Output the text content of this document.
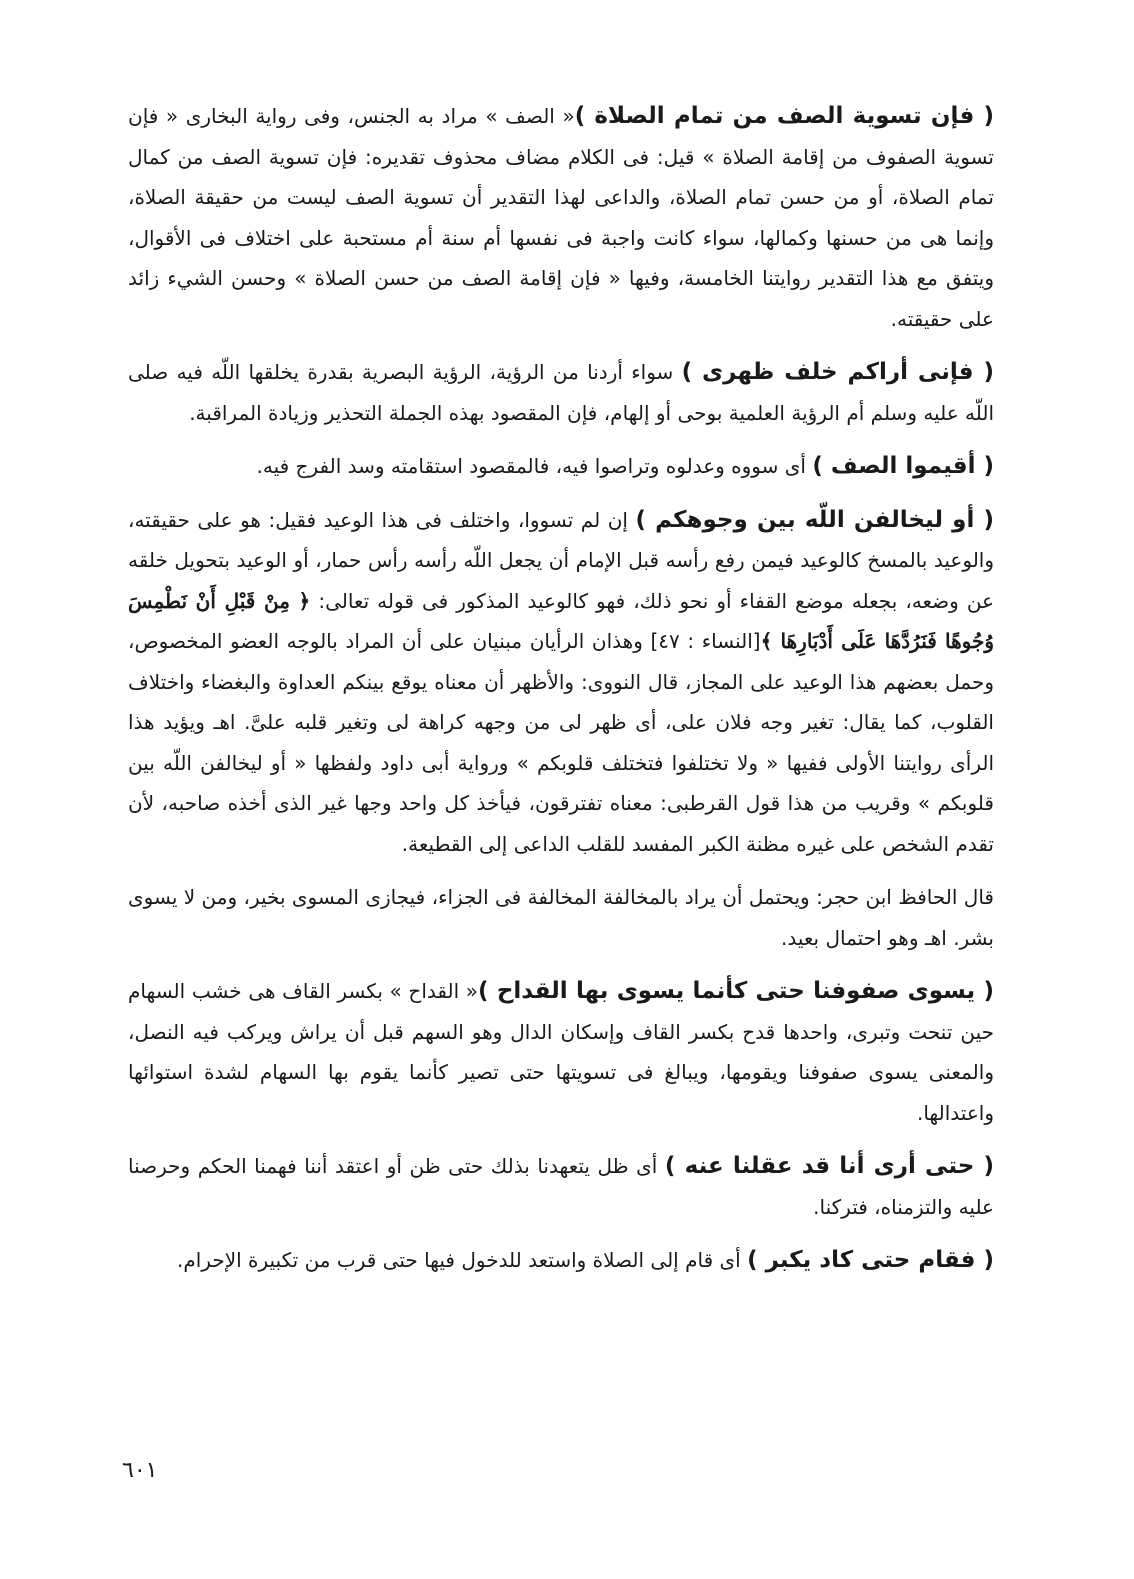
( فإن تسوية الصف من تمام الصلاة )« الصف » مراد به الجنس، وفى رواية البخارى « فإن تسوية الصفوف من إقامة الصلاة » قيل: فى الكلام مضاف محذوف تقديره: فإن تسوية الصف من كمال تمام الصلاة، أو من حسن تمام الصلاة، والداعى لهذا التقدير أن تسوية الصف ليست من حقيقة الصلاة، وإنما هى من حسنها وكمالها، سواء كانت واجبة فى نفسها أم سنة أم مستحبة على اختلاف فى الأقوال، ويتفق مع هذا التقدير روايتنا الخامسة، وفيها « فإن إقامة الصف من حسن الصلاة » وحسن الشيء زائد على حقيقته.

( فإنى أراكم خلف ظهرى ) سواء أردنا من الرؤية، الرؤية البصرية بقدرة يخلقها اللّه فيه صلى اللّه عليه وسلم أم الرؤية العلمية بوحى أو إلهام، فإن المقصود بهذه الجملة التحذير وزيادة المراقبة.

( أقيموا الصف ) أى سووه وعدلوه وتراصوا فيه، فالمقصود استقامته وسد الفرج فيه.

( أو ليخالفن اللّه بين وجوهكم ) إن لم تسووا، واختلف فى هذا الوعيد فقيل: هو على حقيقته، والوعيد بالمسخ كالوعيد فيمن رفع رأسه قبل الإمام أن يجعل اللّه رأسه رأس حمار، أو الوعيد بتحويل خلقه عن وضعه، بجعله موضع القفاء أو نحو ذلك، فهو كالوعيد المذكور فى قوله تعالى: ﴿ مِنْ قَبْلِ أَنْ نَطْمِسَ وُجُوهًا فَنَرُدَّهَا عَلَى أَدْبَارِهَا ﴾[النساء : ٤٧] وهذان الرأيان مبنيان على أن المراد بالوجه العضو المخصوص، وحمل بعضهم هذا الوعيد على المجاز، قال النووى: والأظهر أن معناه يوقع بينكم العداوة والبغضاء واختلاف القلوب، كما يقال: تغير وجه فلان على، أى ظهر لى من وجهه كراهة لى وتغير قلبه علىَّ. اهـ ويؤيد هذا الرأى روايتنا الأولى ففيها « ولا تختلفوا فتختلف قلوبكم » ورواية أبى داود ولفظها « أو ليخالفن اللّه بين قلوبكم » وقريب من هذا قول القرطبى: معناه تفترقون، فيأخذ كل واحد وجها غير الذى أخذه صاحبه، لأن تقدم الشخص على غيره مظنة الكبر المفسد للقلب الداعى إلى القطيعة.

قال الحافظ ابن حجر: ويحتمل أن يراد بالمخالفة المخالفة فى الجزاء، فيجازى المسوى بخير، ومن لا يسوى بشر. اهـ وهو احتمال بعيد.

( يسوى صفوفنا حتى كأنما يسوى بها القداح )« القداح » بكسر القاف هى خشب السهام حين تنحت وتبرى، واحدها قدح بكسر القاف وإسكان الدال وهو السهم قبل أن يراش ويركب فيه النصل، والمعنى يسوى صفوفنا ويقومها، ويبالغ فى تسويتها حتى تصير كأنما يقوم بها السهام لشدة استوائها واعتدالها.

( حتى أرى أنا قد عقلنا عنه ) أى ظل يتعهدنا بذلك حتى ظن أو اعتقد أننا فهمنا الحكم وحرصنا عليه والتزمناه، فتركنا.

( فقام حتى كاد يكبر ) أى قام إلى الصلاة واستعد للدخول فيها حتى قرب من تكبيرة الإحرام.

٦٠١
